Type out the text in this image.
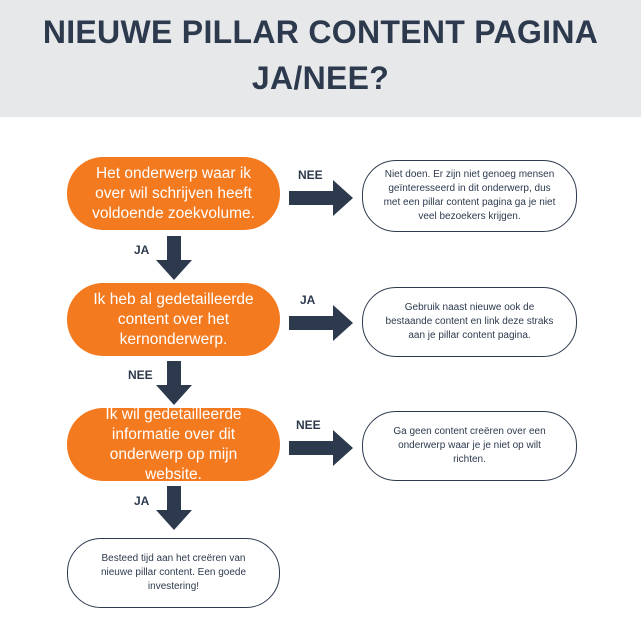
NIEUWE PILLAR CONTENT PAGINA
JA/NEE?
Het onderwerp waar ik over wil schrijven heeft voldoende zoekvolume.
NEE	Niet doen. Er zijn niet genoeg mensen geïnteresseerd in dit onderwerp, dus met een pillar content pagina ga je niet veel bezoekers krijgen.
JA
Ik heb al gedetailleerde content over het kernonderwerp.
JA
Gebruik naast nieuwe ook de bestaande content en link deze straks aan je pillar content pagina.
NEE
Ik wil gedetailleerde informatie over dit onderwerp op mijn website.
NEE	Ga geen content creëren over een onderwerp waar je je niet op wilt richten.
JA
Besteed tijd aan het creëren van nieuwe pillar content. Een goede investering!
